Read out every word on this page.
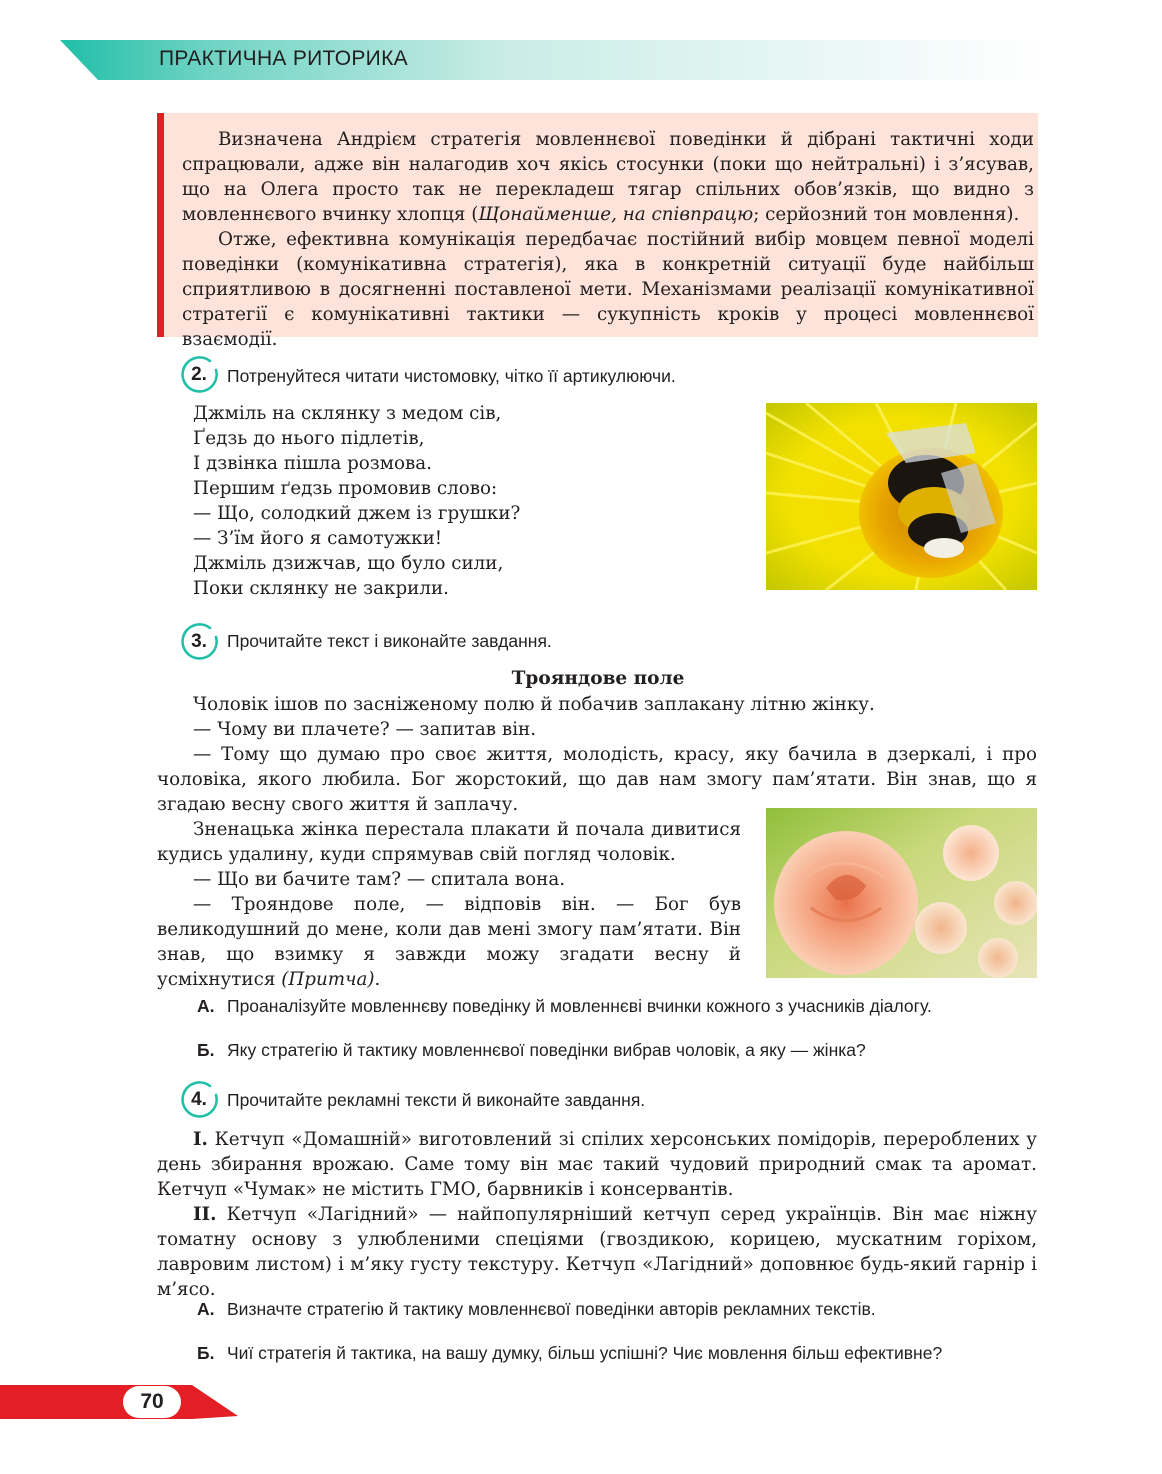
ПРАКТИЧНА РИТОРИКА

Визначена Андрієм стратегія мовленнєвої поведінки й дібрані тактичні ходи спрацювали, адже він налагодив хоч якісь стосунки (поки що нейтральні) і з’ясував, що на Олега просто так не перекладеш тягар спільних обов’язків, що видно з мовленнєвого вчинку хлопця (Щонайменше, на співпрацю; серйозний тон мовлення).

Отже, ефективна комунікація передбачає постійний вибір мовцем певної моделі поведінки (комунікативна стратегія), яка в конкретній ситуації буде найбільш сприятливою в досягненні поставленої мети. Механізмами реалізації комунікативної стратегії є комунікативні тактики — сукупність кроків у процесі мовленнєвої взаємодії.

2.	Потренуйтеся читати чистомовку, чітко її артикулюючи.
Джміль на склянку з медом сів,
Ґедзь до нього підлетів,
І дзвінка пішла розмова.
Першим ґедзь промовив слово:
— Що, солодкий джем із грушки?
— З’їм його я самотужки!
Джміль дзижчав, що було сили,
Поки склянку не закрили.
3.	Прочитайте текст і виконайте завдання.
Трояндове поле

Чоловік ішов по засніженому полю й побачив заплакану літню жінку.

— Чому ви плачете? — запитав він.

— Тому що думаю про своє життя, молодість, красу, яку бачила в дзеркалі, і про чоловіка, якого любила. Бог жорстокий, що дав нам змогу пам’ятати. Він знав, що я згадаю весну свого життя й заплачу.

Зненацька жінка перестала плакати й почала дивитися кудись удалину, куди спрямував свій погляд чоловік.

— Що ви бачите там? — спитала вона.

— Трояндове поле, — відповів він. — Бог був великодушний до мене, коли дав мені змогу пам’ятати. Він знав, що взимку я завжди можу згадати весну й усміхнутися (Притча).

А. Проаналізуйте мовленнєву поведінку й мовленнєві вчинки кожного з учасників діалогу.
Б. Яку стратегію й тактику мовленнєвої поведінки вибрав чоловік, а яку — жінка?
4.	Прочитайте рекламні тексти й виконайте завдання.

І. Кетчуп «Домашній» виготовлений зі спілих херсонських помідорів, перероблених у день збирання врожаю. Саме тому він має такий чудовий природний смак та аромат. Кетчуп «Чумак» не містить ГМО, барвників і консервантів.

ІІ. Кетчуп «Лагідний» — найпопулярніший кетчуп серед українців. Він має ніжну томатну основу з улюбленими спеціями (гвоздикою, корицею, мускатним горіхом, лавровим листом) і м’яку густу текстуру. Кетчуп «Лагідний» доповнює будь-який гарнір і м’ясо.

А. Визначте стратегію й тактику мовленнєвої поведінки авторів рекламних текстів.
Б. Чиї стратегія й тактика, на вашу думку, більш успішні? Чиє мовлення більш ефективне?
70
